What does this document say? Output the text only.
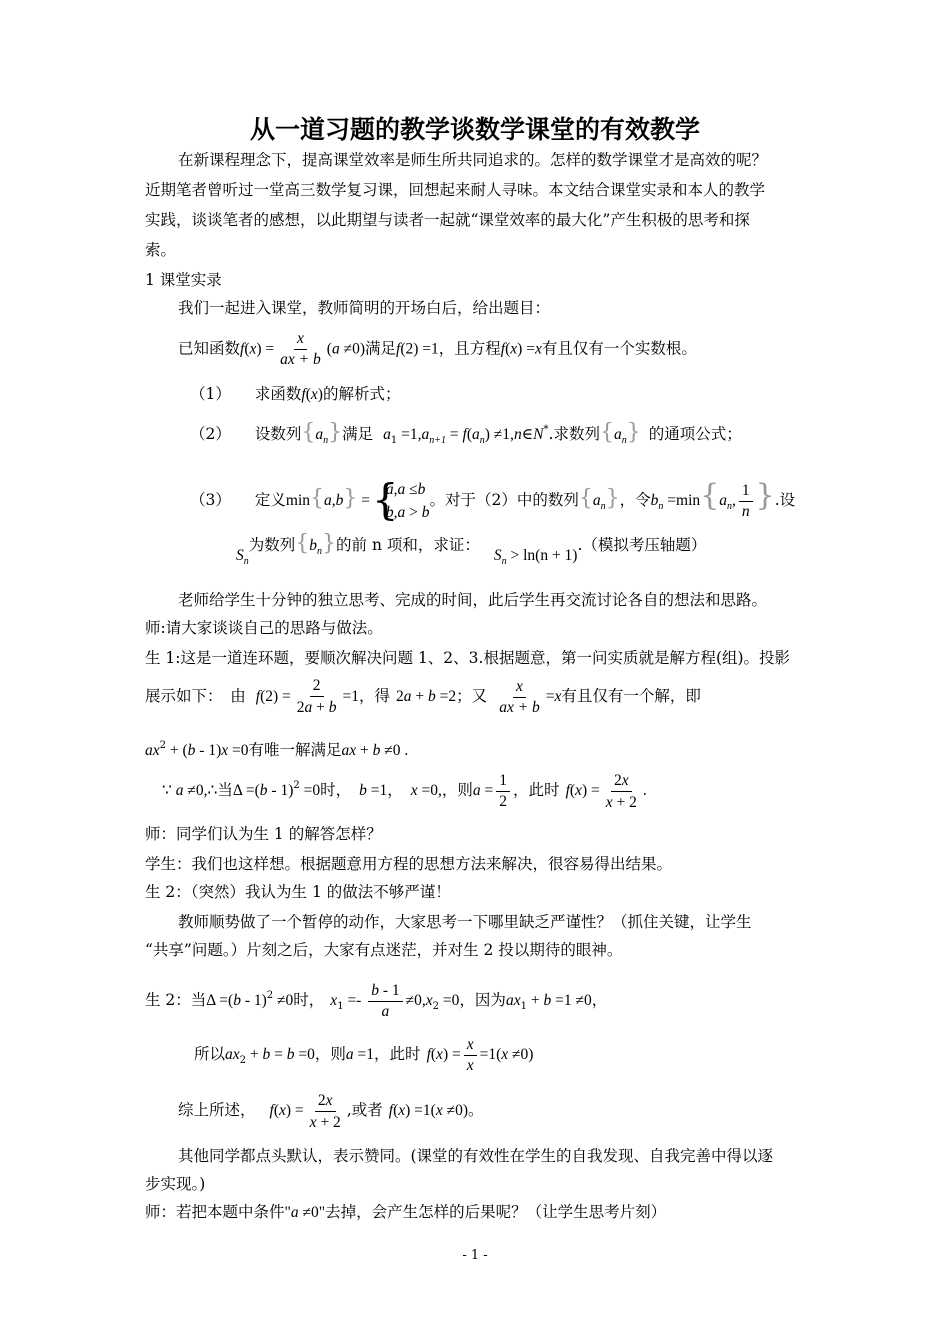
从一道习题的教学谈数学课堂的有效教学
在新课程理念下，提高课堂效率是师生所共同追求的。怎样的数学课堂才是高效的呢？
近期笔者曾听过一堂高三数学复习课，回想起来耐人寻味。本文结合课堂实录和本人的教学
实践，谈谈笔者的感想，以此期望与读者一起就“课堂效率的最大化”产生积极的思考和探
索。
1 课堂实录
我们一起进入课堂，教师简明的开场白后，给出题目：
已知函数$f(x) = \frac{x}{ax + b} (a \ne 0)$满足f(2) =1，且方程f(x) =x有且仅有一个实数根。
（1） 求函数f(x)的解析式；
（2） 设数列$\{a_n\}$满足 $a_1 =1,a_{n+1} = f(a_n)$ ≠1,n∈N*.求数列$\{a_n\}$ 的通项公式；
（3） 定义min{a,b} =
{ a,a ≤b
b,a > b
。对于（2）中的数列$\{a_n\}$，令$b_n =\min\{a_n$, $\frac{1}{n}$ }.设
$S_n$为数列$\{b_n\}$的前 n 项和，求证：$S_n > \ln(n + 1)$.（模拟考压轴题）
老师给学生十分钟的独立思考、完成的时间，此后学生再交流讨论各自的想法和思路。
师:请大家谈谈自己的思路与做法。
生 1:这是一道连环题，要顺次解决问题 1、2、3.根据题意，第一问实质就是解方程(组)。投影
展示如下：　由 $f(2) = \frac{2}{2a + b} =1$，得 2a + b =2；又 $\frac{x}{ax + b} =x$有且仅有一个解，即
$ax^2 + (b - 1)x =0$有唯一解满足ax + b ≠0 .
∵ a ≠0,∴当Δ =(b - 1)$^2$ =0时， b =1， x =0,，则$a = \frac{1}{2}$ ，此时 $f(x) = \frac{2x}{x + 2}$ .
师：同学们认为生 1 的解答怎样？
学生：我们也这样想。根据题意用方程的思想方法来解决，很容易得出结果。
生 2：（突然）我认为生 1 的做法不够严谨！
教师顺势做了一个暂停的动作，大家思考一下哪里缺乏严谨性？（抓住关键，让学生
“共享”问题。）片刻之后，大家有点迷茫，并对生 2 投以期待的眼神。
生 2：当Δ =(b - 1)$^2$ ≠0时， $x_1 =- \frac{b - 1}{a} \ne 0,x_2 =0$，因为$ax_1 + b =1 \ne 0$，
所以$ax_2 + b = b =0$，则a =1，此时 $f(x) = \frac{x}{x} =1(x \ne 0)$
综上所述， $f(x) = \frac{2x}{x + 2}$ ,或者 f(x) =1(x ≠0)。
其他同学都点头默认，表示赞同。(课堂的有效性在学生的自我发现、自我完善中得以逐
步实现。)
师：若把本题中条件"a ≠0"去掉，会产生怎样的后果呢？（让学生思考片刻）
- 1 -
